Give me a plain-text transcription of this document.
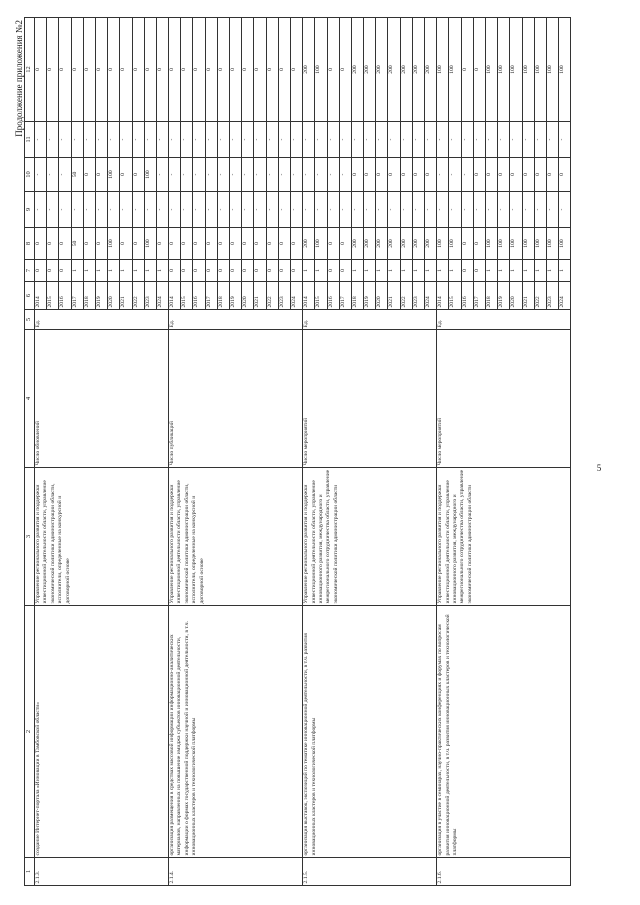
Продолжение приложения №2
5
1	2	3	4	5	6	7	8	9	10	11	12
2.1.3.	создание Интернет-портала «Инновации в Тамбовской области»	Управление регионального развития и поддержки инвестиционной деятельности области, управление экономической политики администрации области, исполнители, определенные на конкурсной и договорной основе	Число обновлений	Ед.	2014	0	0	-	-	-	0
					2015	0	0	-	-	-	0
					2016	0	0	-	-	-	0
					2017	1	50	-	50	-	0
					2018	1	0	-	0	-	0
					2019	1	0	-	0	-	0
					2020	1	100	-	100	-	0
					2021	1	0	-	0	-	0
					2022	1	0	-	0	-	0
					2023	1	100	-	100	-	0
					2024	1	0	-	-	-	0
2.1.4.	организация размещения в средствах массовой информации информационно-аналитических материалов, направленных на повышение имиджа субъектов инновационной деятельности, информации о формах государственной поддержки научной и инновационной деятельности, в т.ч. инновационных кластеров и технологической платформы	Управление регионального развития и поддержки инвестиционной деятельности области, управление экономической политики администрации области, исполнители, определенные на конкурсной и договорной основе	Число публикаций	Ед.	2014	0	0	-	-	-	0
					2015	0	0	-	-	-	0
					2016	0	0	-	-	-	0
					2017	0	0	-	-	-	0
					2018	0	0	-	-	-	0
					2019	0	0	-	-	-	0
					2020	0	0	-	-	-	0
					2021	0	0	-	-	-	0
					2022	0	0	-	-	-	0
					2023	0	0	-	-	-	0
					2024	0	0	-	-	-	0
2.1.5.	организация выставок, экспозиций по тематике инновационной деятельности, в т.ч. развития инновационных кластеров и технологической платформы	Управление регионального развития и поддержки инвестиционной деятельности области, управление инновационного развития, международного и межрегионального сотрудничества области, управление экономической политики администрации области	Число мероприятий	Ед.	2014	1	200	-	-	-	200
					2015	1	100	-	-	-	100
					2016	0	0	-	-	-	0
					2017	0	0	-	-	-	0
					2018	1	200	-	0	-	200
					2019	1	200	-	0	-	200
					2020	1	200	-	0	-	200
					2021	1	200	-	0	-	200
					2022	1	200	-	0	-	200
					2023	1	200	-	0	-	200
					2024	1	200	-	0	-	200
2.1.6.	организация в участие в семинарах, научно-практических конференциях и форумах по вопросам развития инновационной деятельности, в т.ч. развития инновационных кластеров и технологической платформы	Управление регионального развития и поддержки инвестиционной деятельности области, управление инновационного развития, международного и межрегионального сотрудничества области, управление экономической политики администрации области	Число мероприятий	Ед.	2014	1	100	-	-	-	100
					2015	1	100	-	-	-	100
					2016	0	0	-	-	-	0
					2017	0	0	-	0	-	0
					2018	1	100	-	0	-	100
					2019	1	100	-	0	-	100
					2020	1	100	-	0	-	100
					2021	1	100	-	0	-	100
					2022	1	100	-	0	-	100
					2023	1	100	-	0	-	100
					2024	1	100	-	0	-	100
